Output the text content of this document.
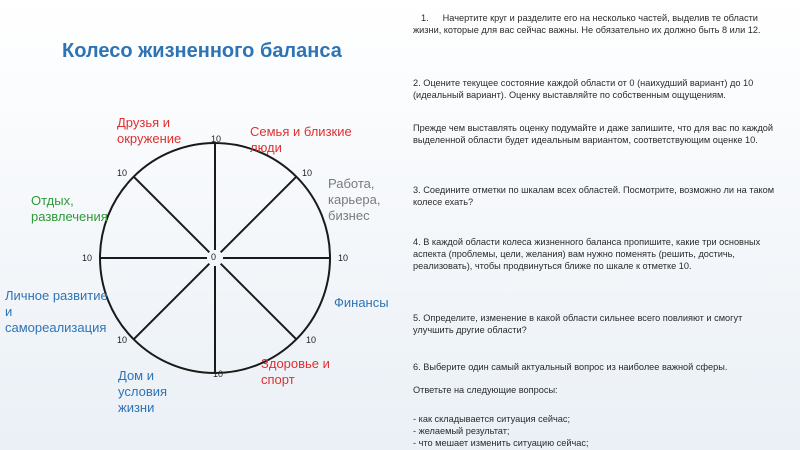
Колесо жизненного баланса
0
10
10	10
10	10
10	10
10
Друзья и окружение	Семья и близкие люди
Работа, карьера, бизнес
Финансы
Здоровье и спорт
Дом и условия жизни
Личное развитие и самореализация
Отдых, развлечения

1. Начертите круг и разделите его на несколько частей, выделив те области жизни, которые для вас сейчас важны. Не обязательно их должно быть 8 или 12.

2. Оцените текущее состояние каждой области от 0 (наихудший вариант) до 10 (идеальный вариант). Оценку выставляйте по собственным ощущениям.
Прежде чем выставлять оценку подумайте и даже запишите, что для вас по каждой выделенной области будет идеальным вариантом, соответствующим оценке 10.
3. Соедините отметки по шкалам всех областей. Посмотрите, возможно ли на таком колесе ехать?
4. В каждой области колеса жизненного баланса пропишите, какие три основных аспекта (проблемы, цели, желания) вам нужно поменять (решить, достичь, реализовать), чтобы продвинуться ближе по шкале к отметке 10.
5. Определите, изменение в какой области сильнее всего повлияют и смогут улучшить другие области?
6. Выберите один самый актуальный вопрос из наиболее важной сферы.
Ответьте на следующие вопросы:
- как складывается ситуация сейчас;
- желаемый результат;
- что мешает изменить ситуацию сейчас;
